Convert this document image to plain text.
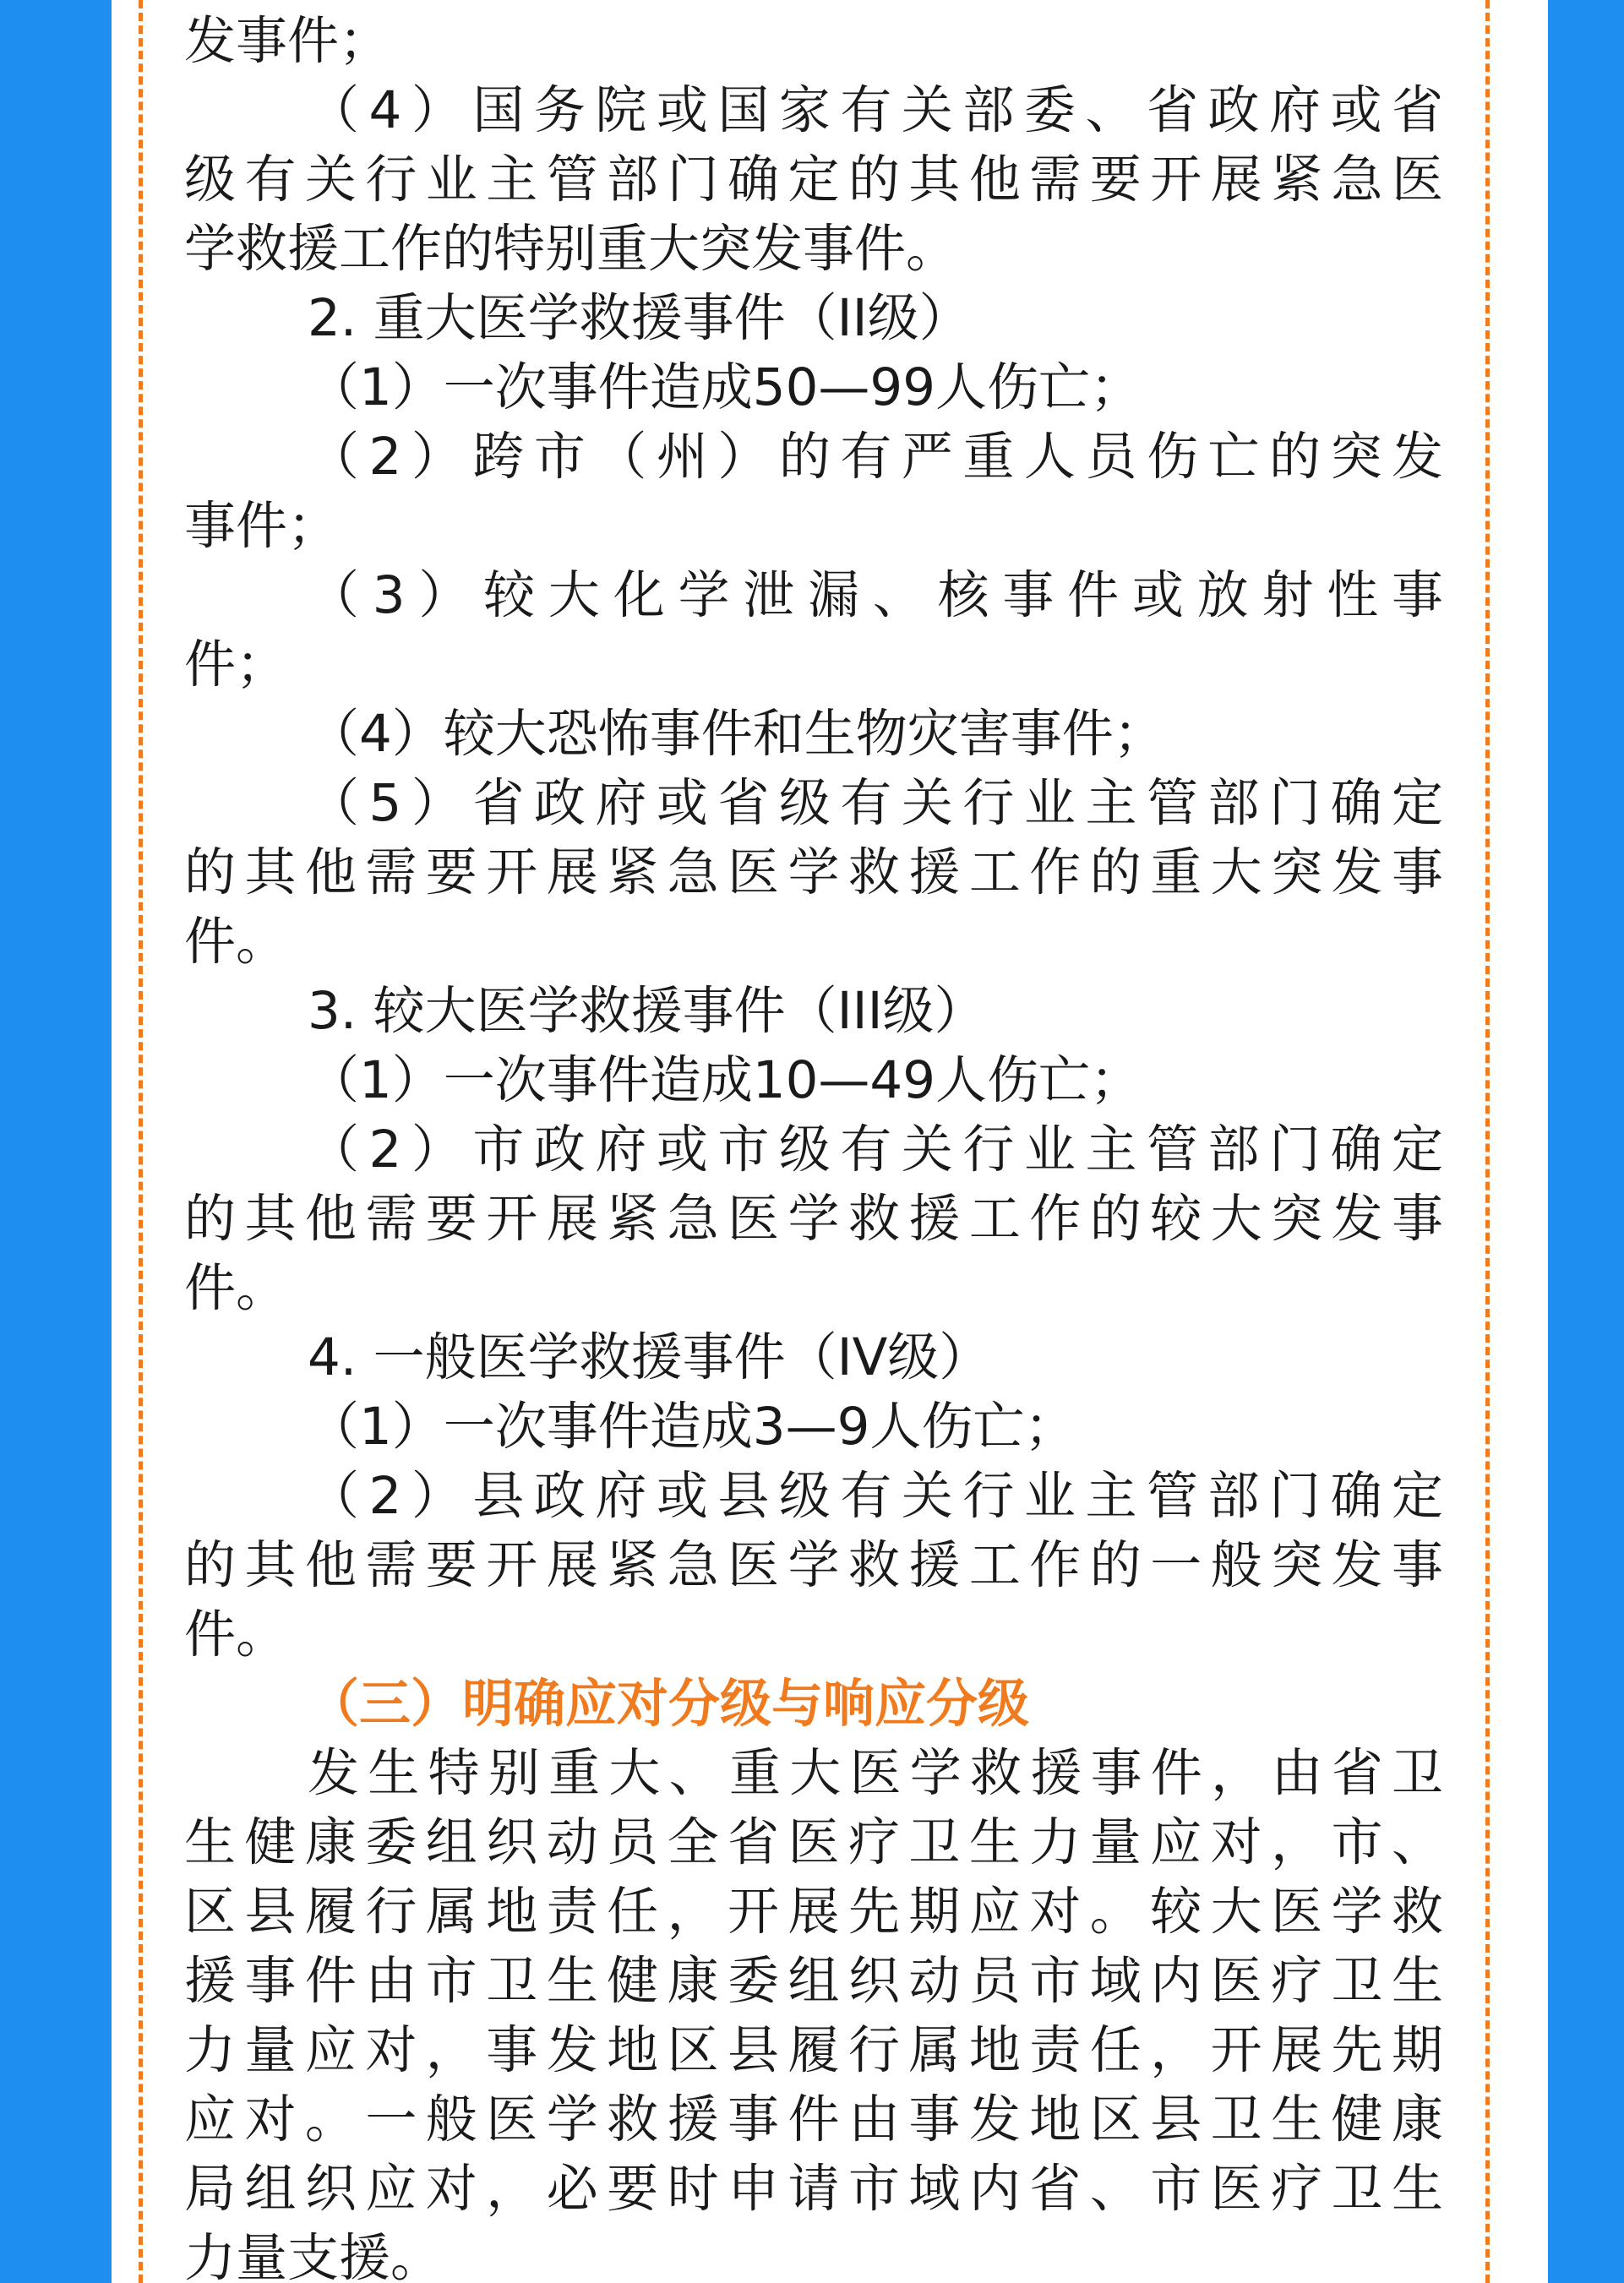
发事件；
（4）国务院或国家有关部委、省政府或省
级有关行业主管部门确定的其他需要开展紧急医
学救援工作的特别重大突发事件。
2. 重大医学救援事件（II级）
（1）一次事件造成50—99人伤亡；
（2）跨市（州）的有严重人员伤亡的突发
事件；
（3）较大化学泄漏、核事件或放射性事
件；
（4）较大恐怖事件和生物灾害事件；
（5）省政府或省级有关行业主管部门确定
的其他需要开展紧急医学救援工作的重大突发事
件。
3. 较大医学救援事件（III级）
（1）一次事件造成10—49人伤亡；
（2）市政府或市级有关行业主管部门确定
的其他需要开展紧急医学救援工作的较大突发事
件。
4. 一般医学救援事件（IV级）
（1）一次事件造成3—9人伤亡；
（2）县政府或县级有关行业主管部门确定
的其他需要开展紧急医学救援工作的一般突发事
件。
（三）明确应对分级与响应分级
发生特别重大、重大医学救援事件，由省卫
生健康委组织动员全省医疗卫生力量应对，市、
区县履行属地责任，开展先期应对。较大医学救
援事件由市卫生健康委组织动员市域内医疗卫生
力量应对，事发地区县履行属地责任，开展先期
应对。一般医学救援事件由事发地区县卫生健康
局组织应对，必要时申请市域内省、市医疗卫生
力量支援。
